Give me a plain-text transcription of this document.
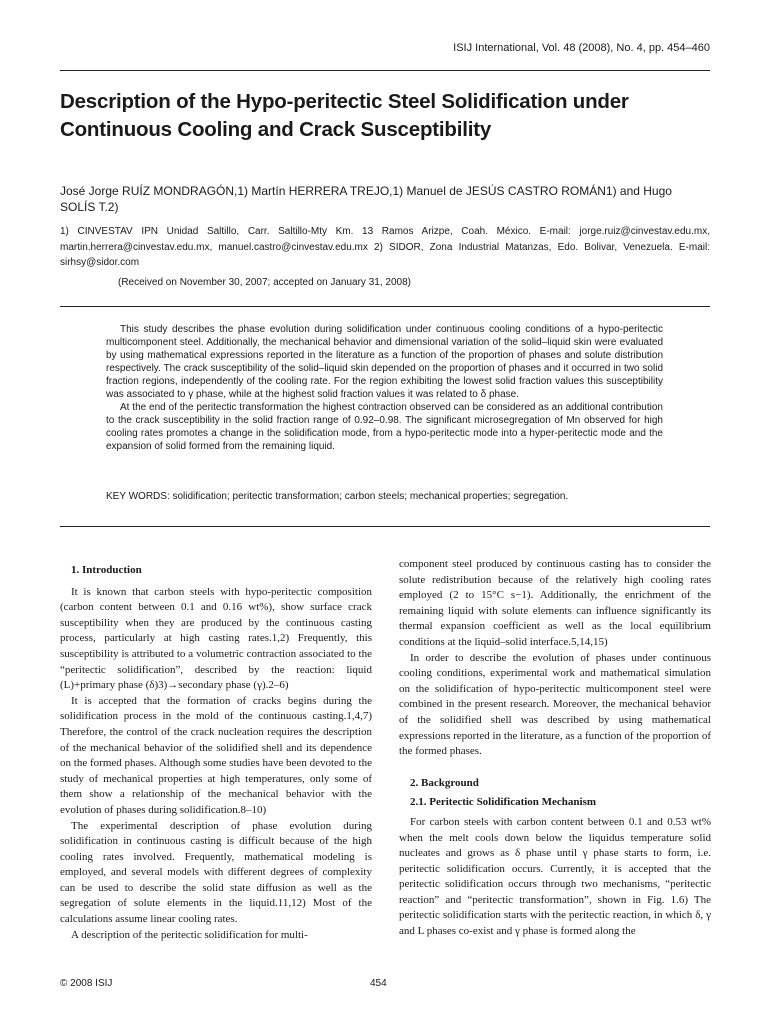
ISIJ International, Vol. 48 (2008), No. 4, pp. 454–460
Description of the Hypo-peritectic Steel Solidification under Continuous Cooling and Crack Susceptibility
José Jorge RUÍZ MONDRAGÓN,1) Martín HERRERA TREJO,1) Manuel de JESÚS CASTRO ROMÁN1) and Hugo SOLÍS T.2)
1) CINVESTAV IPN Unidad Saltillo, Carr. Saltillo-Mty Km. 13 Ramos Arizpe, Coah. México. E-mail: jorge.ruiz@cinvestav.edu.mx, martin.herrera@cinvestav.edu.mx, manuel.castro@cinvestav.edu.mx 2) SIDOR, Zona Industrial Matanzas, Edo. Bolivar, Venezuela. E-mail: sirhsy@sidor.com
(Received on November 30, 2007; accepted on January 31, 2008)

This study describes the phase evolution during solidification under continuous cooling conditions of a hypo-peritectic multicomponent steel. Additionally, the mechanical behavior and dimensional variation of the solid–liquid skin were evaluated by using mathematical expressions reported in the literature as a function of the proportion of phases and solute distribution respectively. The crack susceptibility of the solid–liquid skin depended on the proportion of phases and it occurred in two solid fraction regions, independently of the cooling rate. For the region exhibiting the lowest solid fraction values this susceptibility was associated to γ phase, while at the highest solid fraction values it was related to δ phase.

At the end of the peritectic transformation the highest contraction observed can be considered as an additional contribution to the crack susceptibility in the solid fraction range of 0.92–0.98. The significant microsegregation of Mn observed for high cooling rates promotes a change in the solidification mode, from a hypo-peritectic mode into a hyper-peritectic mode and the expansion of solid formed from the remaining liquid.

KEY WORDS: solidification; peritectic transformation; carbon steels; mechanical properties; segregation.

1. Introduction

It is known that carbon steels with hypo-peritectic composition (carbon content between 0.1 and 0.16 wt%), show surface crack susceptibility when they are produced by the continuous casting process, particularly at high casting rates.1,2) Frequently, this susceptibility is attributed to a volumetric contraction associated to the “peritectic solidification”, described by the reaction: liquid (L)+primary phase (δ)3)→secondary phase (γ).2–6)

It is accepted that the formation of cracks begins during the solidification process in the mold of the continuous casting.1,4,7) Therefore, the control of the crack nucleation requires the description of the mechanical behavior of the solidified shell and its dependence on the formed phases. Although some studies have been devoted to the study of mechanical properties at high temperatures, only some of them show a relationship of the mechanical behavior with the evolution of phases during solidification.8–10)

The experimental description of phase evolution during solidification in continuous casting is difficult because of the high cooling rates involved. Frequently, mathematical modeling is employed, and several models with different degrees of complexity can be used to describe the solid state diffusion as well as the segregation of solute elements in the liquid.11,12) Most of the calculations assume linear cooling rates.

A description of the peritectic solidification for multi-

component steel produced by continuous casting has to consider the solute redistribution because of the relatively high cooling rates employed (2 to 15°C s−1). Additionally, the enrichment of the remaining liquid with solute elements can influence significantly its thermal expansion coefficient as well as the local equilibrium conditions at the liquid–solid interface.5,14,15)

In order to describe the evolution of phases under continuous cooling conditions, experimental work and mathematical simulation on the solidification of hypo-peritectic multicomponent steel were combined in the present research. Moreover, the mechanical behavior of the solidified shell was described by using mathematical expressions reported in the literature, as a function of the proportion of the formed phases.

2. Background

2.1. Peritectic Solidification Mechanism

For carbon steels with carbon content between 0.1 and 0.53 wt% when the melt cools down below the liquidus temperature solid nucleates and grows as δ phase until γ phase starts to form, i.e. peritectic solidification occurs. Currently, it is accepted that the peritectic solidification occurs through two mechanisms, “peritectic reaction” and “peritectic transformation”, shown in Fig. 1.6) The peritectic solidification starts with the peritectic reaction, in which δ, γ and L phases co-exist and γ phase is formed along the

© 2008 ISIJ	454
